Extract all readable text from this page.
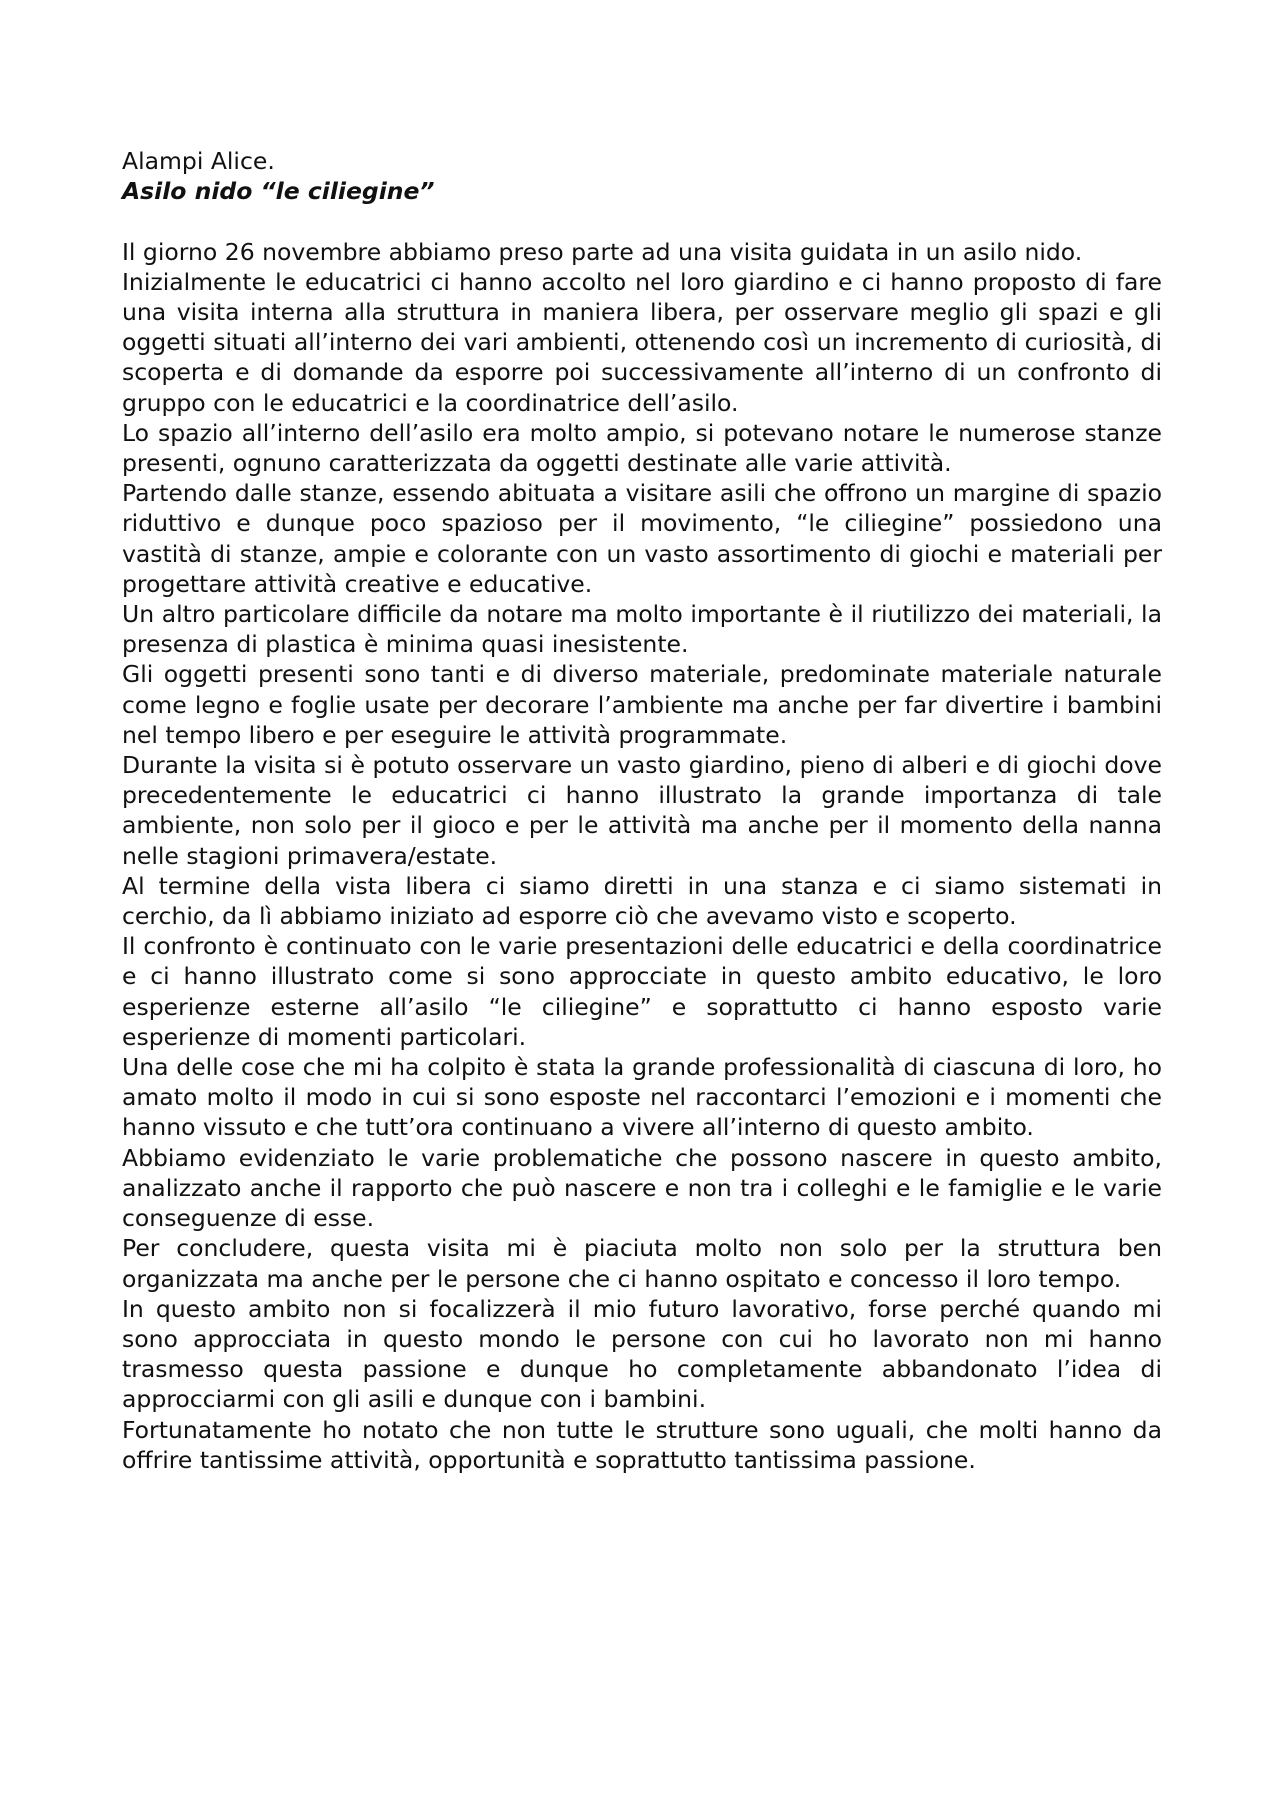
Alampi Alice.

Asilo nido “le ciliegine”

Il giorno 26 novembre abbiamo preso parte ad una visita guidata in un asilo nido.

Inizialmente le educatrici ci hanno accolto nel loro giardino e ci hanno proposto di fare una visita interna alla struttura in maniera libera, per osservare meglio gli spazi e gli oggetti situati all’interno dei vari ambienti, ottenendo così un incremento di curiosità, di scoperta e di domande da esporre poi successivamente all’interno di un confronto di gruppo con le educatrici e la coordinatrice dell’asilo.

Lo spazio all’interno dell’asilo era molto ampio, si potevano notare le numerose stanze presenti, ognuno caratterizzata da oggetti destinate alle varie attività.

Partendo dalle stanze, essendo abituata a visitare asili che offrono un margine di spazio riduttivo e dunque poco spazioso per il movimento, “le ciliegine” possiedono una vastità di stanze, ampie e colorante con un vasto assortimento di giochi e materiali per progettare attività creative e educative.

Un altro particolare difficile da notare ma molto importante è il riutilizzo dei materiali, la presenza di plastica è minima quasi inesistente.

Gli oggetti presenti sono tanti e di diverso materiale, predominate materiale naturale come legno e foglie usate per decorare l’ambiente ma anche per far divertire i bambini nel tempo libero e per eseguire le attività programmate.

Durante la visita si è potuto osservare un vasto giardino, pieno di alberi e di giochi dove precedentemente le educatrici ci hanno illustrato la grande importanza di tale ambiente, non solo per il gioco e per le attività ma anche per il momento della nanna nelle stagioni primavera/estate.

Al termine della vista libera ci siamo diretti in una stanza e ci siamo sistemati in cerchio, da lì abbiamo iniziato ad esporre ciò che avevamo visto e scoperto.

Il confronto è continuato con le varie presentazioni delle educatrici e della coordinatrice e ci hanno illustrato come si sono approcciate in questo ambito educativo, le loro esperienze esterne all’asilo “le ciliegine” e soprattutto ci hanno esposto varie esperienze di momenti particolari.

Una delle cose che mi ha colpito è stata la grande professionalità di ciascuna di loro, ho amato molto il modo in cui si sono esposte nel raccontarci l’emozioni e i momenti che hanno vissuto e che tutt’ora continuano a vivere all’interno di questo ambito.

Abbiamo evidenziato le varie problematiche che possono nascere in questo ambito, analizzato anche il rapporto che può nascere e non tra i colleghi e le famiglie e le varie conseguenze di esse.

Per concludere, questa visita mi è piaciuta molto non solo per la struttura ben organizzata ma anche per le persone che ci hanno ospitato e concesso il loro tempo.

In questo ambito non si focalizzerà il mio futuro lavorativo, forse perché quando mi sono approcciata in questo mondo le persone con cui ho lavorato non mi hanno trasmesso questa passione e dunque ho completamente abbandonato l’idea di approcciarmi con gli asili e dunque con i bambini.

Fortunatamente ho notato che non tutte le strutture sono uguali, che molti hanno da offrire tantissime attività, opportunità e soprattutto tantissima passione.
